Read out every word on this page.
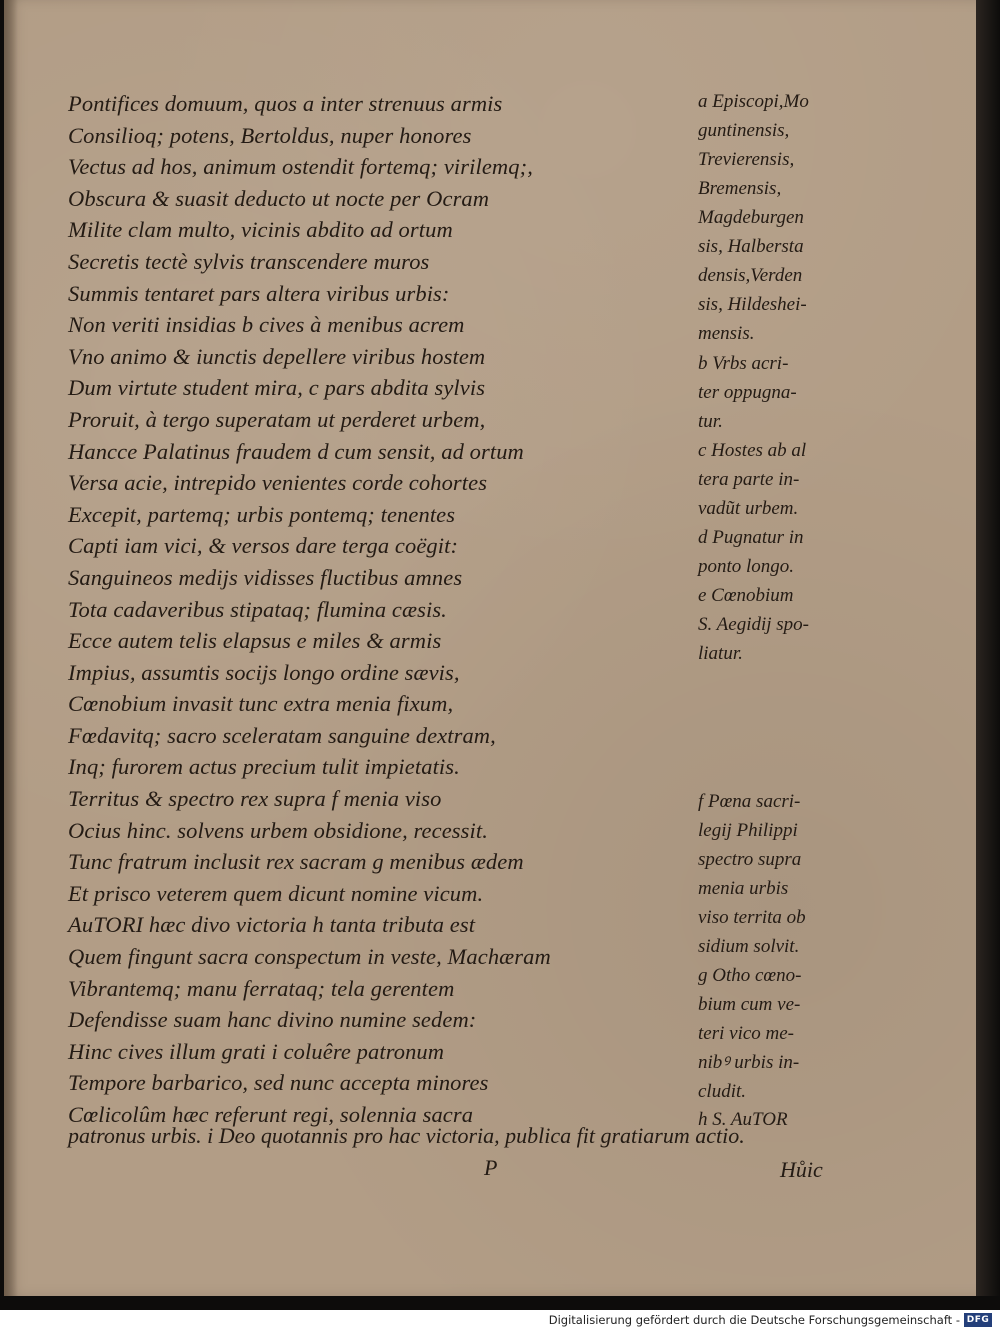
Pontifices domuum, quos a inter strenuus armis
Consilioq; potens, Bertoldus, nuper honores
Vectus ad hos, animum ostendit fortemq; virilemq;,
Obscura & suasit deducto ut nocte per Ocram
Milite clam multo, vicinis abdito ad ortum
Secretis tectè sylvis transcendere muros
Summis tentaret pars altera viribus urbis:
Non veriti insidias b cives à menibus acrem
Vno animo & iunctis depellere viribus hostem
Dum virtute student mira, c pars abdita sylvis
Proruit, à tergo superatam ut perderet urbem,
Hancce Palatinus fraudem d cum sensit, ad ortum
Versa acie, intrepido venientes corde cohortes
Excepit, partemq; urbis pontemq; tenentes
Capti iam vici, & versos dare terga coëgit:
Sanguineos medijs vidisses fluctibus amnes
Tota cadaveribus stipataq; flumina cæsis.
Ecce autem telis elapsus e miles & armis
Impius, assumtis socijs longo ordine sævis,
Cœnobium invasit tunc extra menia fixum,
Fœdavitq; sacro sceleratam sanguine dextram,
Inq; furorem actus precium tulit impietatis.
Territus & spectro rex supra f menia viso
Ocius hinc. solvens urbem obsidione, recessit.
Tunc fratrum inclusit rex sacram g menibus ædem
Et prisco veterem quem dicunt nomine vicum.
AuTORI hæc divo victoria h tanta tributa est
Quem fingunt sacra conspectum in veste, Machæram
Vibrantemq; manu ferrataq; tela gerentem
Defendisse suam hanc divino numine sedem:
Hinc cives illum grati i coluêre patronum
Tempore barbarico, sed nunc accepta minores
Cœlicolûm hæc referunt regi, solennia sacra
a Episcopi,Mo
guntinensis,
Trevierensis,
Bremensis,
Magdeburgen
sis, Halbersta
densis,Verden
sis, Hildeshei-
mensis.
b Vrbs acri-
ter oppugna-
tur.
c Hostes ab al
tera parte in-
vadũt urbem.
d Pugnatur in
ponto longo.
e Cœnobium
S. Aegidij spo-
liatur.
f Pœna sacri-
legij Philippi
spectro supra
menia urbis
viso territa ob
sidium solvit.
g Otho cœno-
bium cum ve-
teri vico me-
nibꝰ urbis in-
cludit.
h S. AuTOR
patronus urbis. i Deo quotannis pro hac victoria, publica fit gratiarum actio.
P	Hůic
Digitalisierung gefördert durch die Deutsche Forschungsgemeinschaft - DFG
